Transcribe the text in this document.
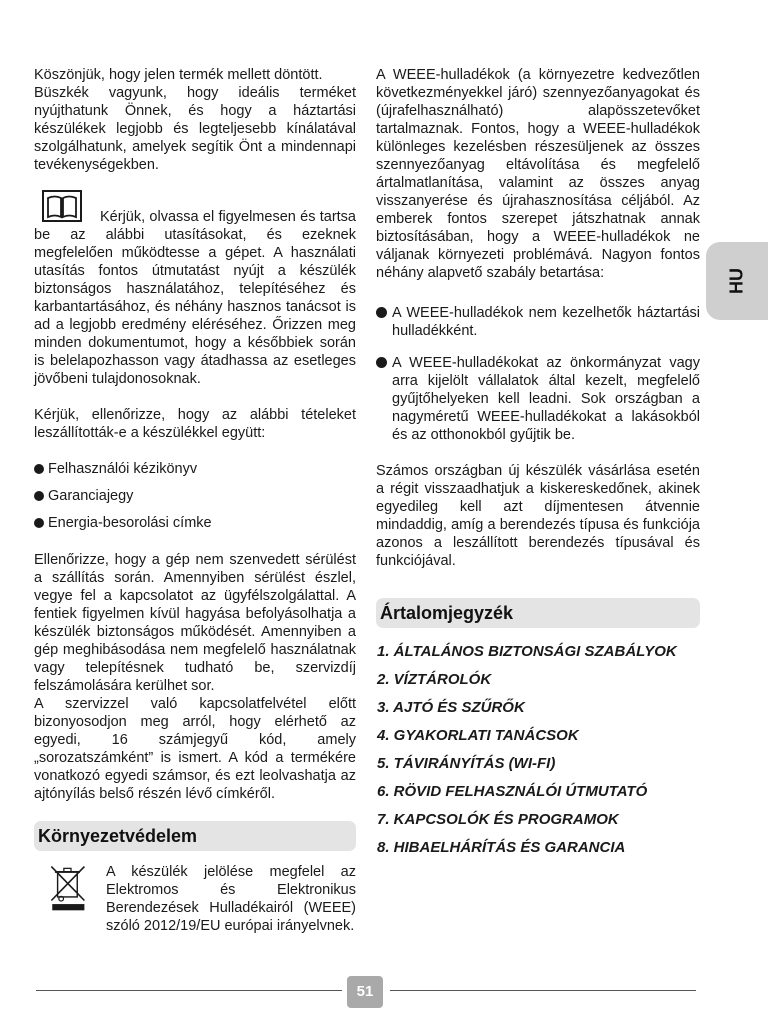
Köszönjük, hogy jelen termék mellett döntött.

Büszkék vagyunk, hogy ideális terméket nyújthatunk Önnek, és hogy a háztartási készülékek legjobb és legteljesebb kínálatával szolgálhatunk, amelyek segítik Önt a mindennapi tevékenységekben.

Kérjük, olvassa el figyelmesen és tartsa be az alábbi utasításokat, és ezeknek megfelelően működtesse a gépet. A használati utasítás fontos útmutatást nyújt a készülék biztonságos használatához, telepítéséhez és karbantartásához, és néhány hasznos tanácsot is ad a legjobb eredmény eléréséhez. Őrizzen meg minden dokumentumot, hogy a későbbiek során is belelapozhasson vagy átadhassa az esetleges jövőbeni tulajdonosoknak.

Kérjük, ellenőrizze, hogy az alábbi tételeket leszállították-e a készülékkel együtt:

Felhasználói kézikönyv
Garanciajegy
Energia-besorolási címke

Ellenőrizze, hogy a gép nem szenvedett sérülést a szállítás során. Amennyiben sérülést észlel, vegye fel a kapcsolatot az ügyfélszolgálattal. A fentiek figyelmen kívül hagyása befolyásolhatja a készülék biztonságos működését. Amennyiben a gép meghibásodása nem megfelelő használatnak vagy telepítésnek tudható be, szervizdíj felszámolására kerülhet sor.

A szervizzel való kapcsolatfelvétel előtt bizonyosodjon meg arról, hogy elérhető az egyedi, 16 számjegyű kód, amely „sorozatszámként” is ismert. A kód a termékére vonatkozó egyedi számsor, és ezt leolvashatja az ajtónyílás belső részén lévő címkéről.

Környezetvédelem
A készülék jelölése megfelel az Elektromos és Elektronikus Berendezések Hulladékairól (WEEE) szóló 2012/19/EU európai irányelvnek.

A WEEE-hulladékok (a környezetre kedvezőtlen következményekkel járó) szennyezőanyagokat és (újrafelhasználható) alapösszetevőket tartalmaznak. Fontos, hogy a WEEE-hulladékok különleges kezelésben részesüljenek az összes szennyezőanyag eltávolítása és megfelelő ártalmatlanítása, valamint az összes anyag visszanyerése és újrahasznosítása céljából. Az emberek fontos szerepet játszhatnak annak biztosításában, hogy a WEEE-hulladékok ne váljanak környezeti problémává. Nagyon fontos néhány alapvető szabály betartása:

A WEEE-hulladékok nem kezelhetők háztartási hulladékként.
A WEEE-hulladékokat az önkormányzat vagy arra kijelölt vállalatok által kezelt, megfelelő gyűjtőhelyeken kell leadni. Sok országban a nagyméretű WEEE-hulladékokat a lakásokból és az otthonokból gyűjtik be.

Számos országban új készülék vásárlása esetén a régit visszaadhatjuk a kiskereskedőnek, akinek egyedileg kell azt díjmentesen átvennie mindaddig, amíg a berendezés típusa és funkciója azonos a leszállított berendezés típusával és funkciójával.

Ártalomjegyzék
1. ÁLTALÁNOS BIZTONSÁGI SZABÁLYOK
2. VÍZTÁROLÓK
3. AJTÓ ÉS SZŰRŐK
4. GYAKORLATI TANÁCSOK
5. TÁVIRÁNYÍTÁS (WI-FI)
6. RÖVID FELHASZNÁLÓI ÚTMUTATÓ
7. KAPCSOLÓK ÉS PROGRAMOK
8. HIBAELHÁRÍTÁS ÉS GARANCIA
HU
51
